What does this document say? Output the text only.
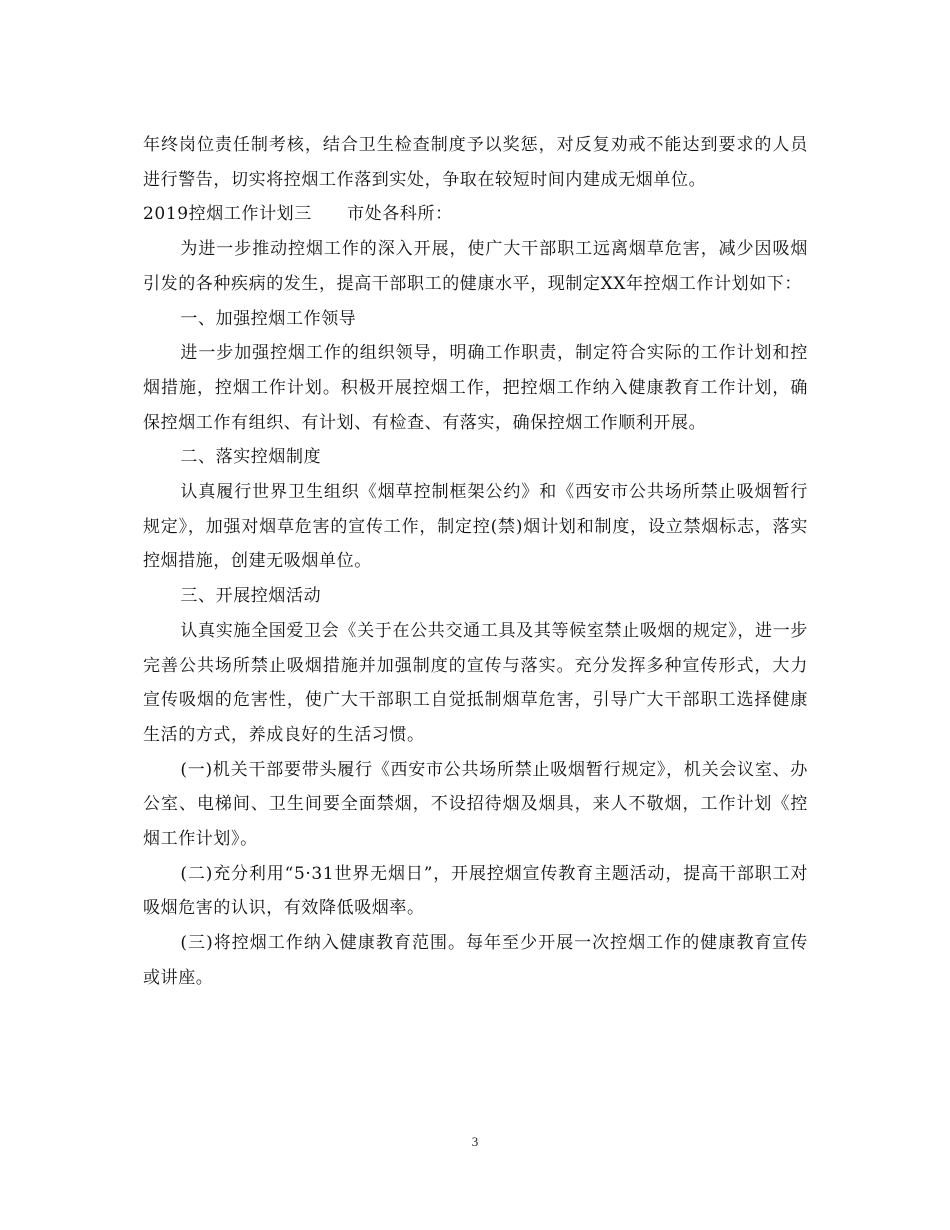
年终岗位责任制考核，结合卫生检查制度予以奖惩，对反复劝戒不能达到要求的人员进行警告，切实将控烟工作落到实处，争取在较短时间内建成无烟单位。

2019控烟工作计划三　　市处各科所：

为进一步推动控烟工作的深入开展，使广大干部职工远离烟草危害，减少因吸烟引发的各种疾病的发生，提高干部职工的健康水平，现制定XX年控烟工作计划如下：

一、加强控烟工作领导

进一步加强控烟工作的组织领导，明确工作职责，制定符合实际的工作计划和控烟措施，控烟工作计划。积极开展控烟工作，把控烟工作纳入健康教育工作计划，确保控烟工作有组织、有计划、有检查、有落实，确保控烟工作顺利开展。

二、落实控烟制度

认真履行世界卫生组织《烟草控制框架公约》和《西安市公共场所禁止吸烟暂行规定》，加强对烟草危害的宣传工作，制定控(禁)烟计划和制度，设立禁烟标志，落实控烟措施，创建无吸烟单位。

三、开展控烟活动

认真实施全国爱卫会《关于在公共交通工具及其等候室禁止吸烟的规定》，进一步完善公共场所禁止吸烟措施并加强制度的宣传与落实。充分发挥多种宣传形式，大力宣传吸烟的危害性，使广大干部职工自觉抵制烟草危害，引导广大干部职工选择健康生活的方式，养成良好的生活习惯。

(一)机关干部要带头履行《西安市公共场所禁止吸烟暂行规定》，机关会议室、办公室、电梯间、卫生间要全面禁烟，不设招待烟及烟具，来人不敬烟，工作计划《控烟工作计划》。

(二)充分利用“5·31世界无烟日”，开展控烟宣传教育主题活动，提高干部职工对吸烟危害的认识，有效降低吸烟率。

(三)将控烟工作纳入健康教育范围。每年至少开展一次控烟工作的健康教育宣传或讲座。

3
